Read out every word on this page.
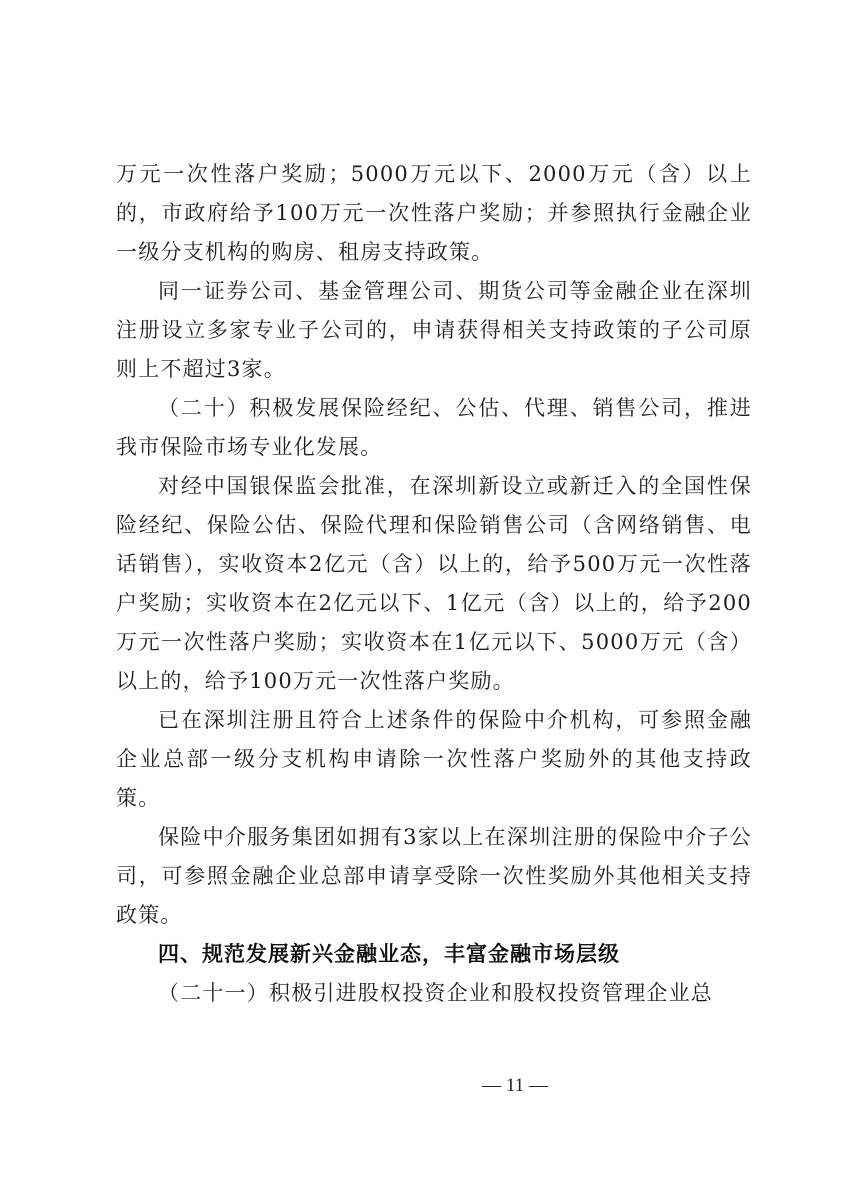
万元一次性落户奖励；5000万元以下、2000万元（含）以上的，市政府给予100万元一次性落户奖励；并参照执行金融企业一级分支机构的购房、租房支持政策。

同一证券公司、基金管理公司、期货公司等金融企业在深圳注册设立多家专业子公司的，申请获得相关支持政策的子公司原则上不超过3家。

（二十）积极发展保险经纪、公估、代理、销售公司，推进我市保险市场专业化发展。

对经中国银保监会批准，在深圳新设立或新迁入的全国性保险经纪、保险公估、保险代理和保险销售公司（含网络销售、电话销售），实收资本2亿元（含）以上的，给予500万元一次性落户奖励；实收资本在2亿元以下、1亿元（含）以上的，给予200万元一次性落户奖励；实收资本在1亿元以下、5000万元（含）以上的，给予100万元一次性落户奖励。

已在深圳注册且符合上述条件的保险中介机构，可参照金融企业总部一级分支机构申请除一次性落户奖励外的其他支持政策。

保险中介服务集团如拥有3家以上在深圳注册的保险中介子公司，可参照金融企业总部申请享受除一次性奖励外其他相关支持政策。

四、规范发展新兴金融业态，丰富金融市场层级

（二十一）积极引进股权投资企业和股权投资管理企业总

— 11 —
